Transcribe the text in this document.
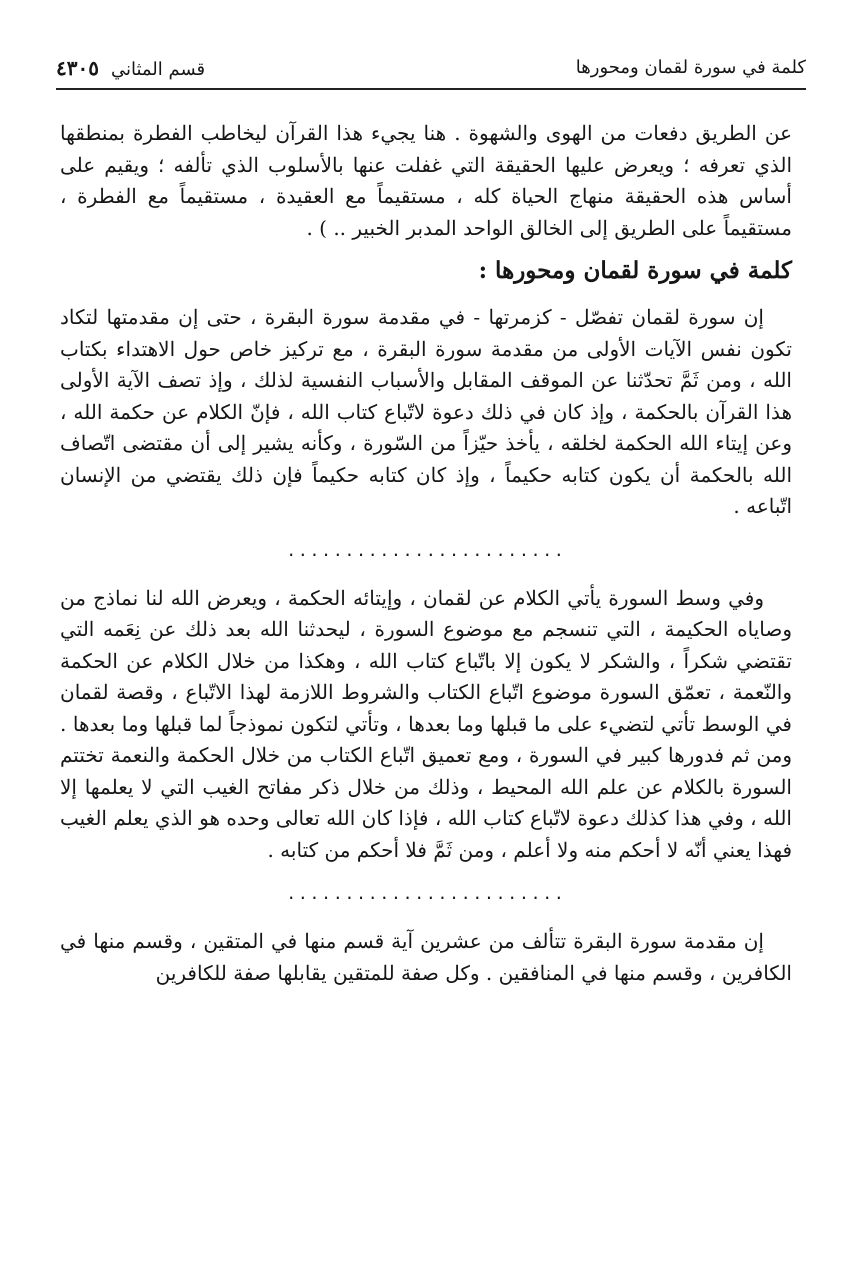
كلمة في سورة لقمان ومحورها
قسم المثاني
٤٣٠٥

عن الطريق دفعات من الهوى والشهوة . هنا يجيء هذا القرآن ليخاطب الفطرة بمنطقها الذي تعرفه ؛ ويعرض عليها الحقيقة التي غفلت عنها بالأسلوب الذي تألفه ؛ ويقيم على أساس هذه الحقيقة منهاج الحياة كله ، مستقيماً مع العقيدة ، مستقيماً مع الفطرة ، مستقيماً على الطريق إلى الخالق الواحد المدبر الخبير .. ) .

كلمة في سورة لقمان ومحورها :

إن سورة لقمان تفصّل - كزمرتها - في مقدمة سورة البقرة ، حتى إن مقدمتها لتكاد تكون نفس الآيات الأولى من مقدمة سورة البقرة ، مع تركيز خاص حول الاهتداء بكتاب الله ، ومن ثَمَّ تحدّثنا عن الموقف المقابل والأسباب النفسية لذلك ، وإذ تصف الآية الأولى هذا القرآن بالحكمة ، وإذ كان في ذلك دعوة لاتّباع كتاب الله ، فإنّ الكلام عن حكمة الله ، وعن إيتاء الله الحكمة لخلقه ، يأخذ حيّزاً من السّورة ، وكأنه يشير إلى أن مقتضى اتّصاف الله بالحكمة أن يكون كتابه حكيماً ، وإذ كان كتابه حكيماً فإن ذلك يقتضي من الإنسان اتّباعه .

........................

وفي وسط السورة يأتي الكلام عن لقمان ، وإيتائه الحكمة ، ويعرض الله لنا نماذج من وصاياه الحكيمة ، التي تنسجم مع موضوع السورة ، ليحدثنا الله بعد ذلك عن نِعَمه التي تقتضي شكراً ، والشكر لا يكون إلا باتّباع كتاب الله ، وهكذا من خلال الكلام عن الحكمة والنّعمة ، تعمّق السورة موضوع اتّباع الكتاب والشروط اللازمة لهذا الاتّباع ، وقصة لقمان في الوسط تأتي لتضيء على ما قبلها وما بعدها ، وتأتي لتكون نموذجاً لما قبلها وما بعدها . ومن ثم فدورها كبير في السورة ، ومع تعميق اتّباع الكتاب من خلال الحكمة والنعمة تختتم السورة بالكلام عن علم الله المحيط ، وذلك من خلال ذكر مفاتح الغيب التي لا يعلمها إلا الله ، وفي هذا كذلك دعوة لاتّباع كتاب الله ، فإذا كان الله تعالى وحده هو الذي يعلم الغيب فهذا يعني أنّه لا أحكم منه ولا أعلم ، ومن ثَمَّ فلا أحكم من كتابه .

........................

إن مقدمة سورة البقرة تتألف من عشرين آية قسم منها في المتقين ، وقسم منها في الكافرين ، وقسم منها في المنافقين . وكل صفة للمتقين يقابلها صفة للكافرين
